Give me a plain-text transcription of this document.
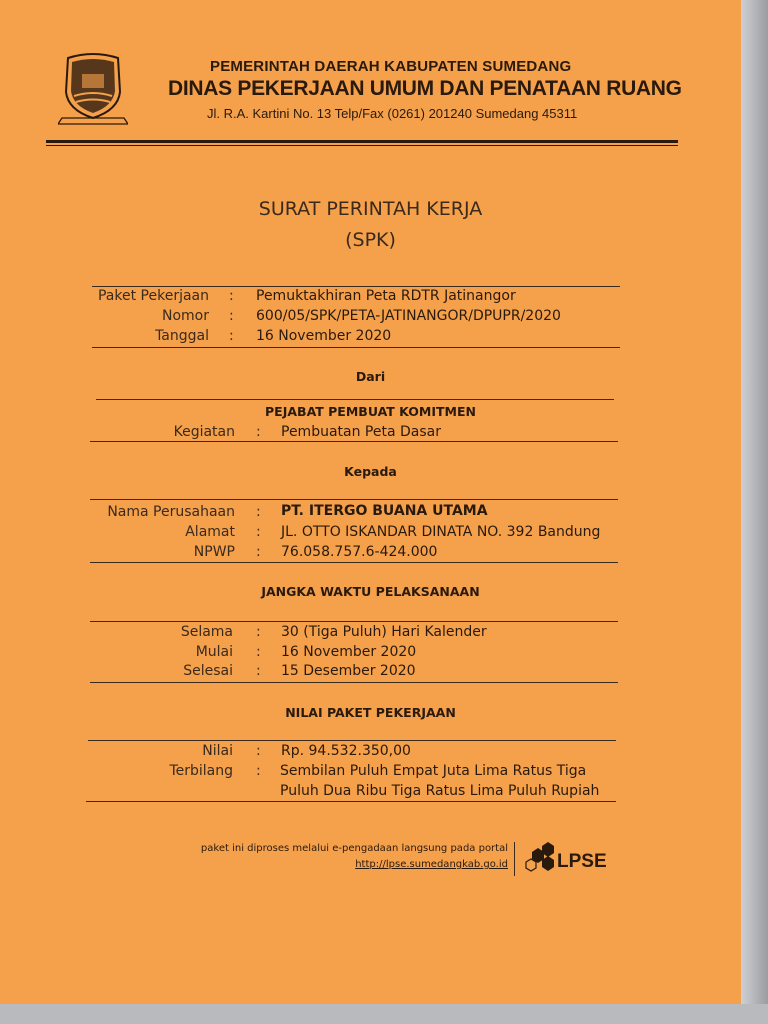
PEMERINTAH DAERAH KABUPATEN SUMEDANG
DINAS PEKERJAAN UMUM DAN PENATAAN RUANG
Jl. R.A. Kartini No. 13 Telp/Fax (0261) 201240 Sumedang 45311
SURAT PERINTAH KERJA
(SPK)
Paket Pekerjaan : Pemuktakhiran Peta RDTR Jatinangor
Nomor : 600/05/SPK/PETA-JATINANGOR/DPUPR/2020
Tanggal : 16 November 2020
Dari
PEJABAT PEMBUAT KOMITMEN
Kegiatan : Pembuatan Peta Dasar
Kepada
Nama Perusahaan : PT. ITERGO BUANA UTAMA
Alamat : JL. OTTO ISKANDAR DINATA NO. 392 Bandung
NPWP : 76.058.757.6-424.000
JANGKA WAKTU PELAKSANAAN
Selama : 30 (Tiga Puluh) Hari Kalender
Mulai : 16 November 2020
Selesai : 15 Desember 2020
NILAI PAKET PEKERJAAN
Nilai : Rp. 94.532.350,00
Terbilang : Sembilan Puluh Empat Juta Lima Ratus Tiga
Puluh Dua Ribu Tiga Ratus Lima Puluh Rupiah
paket ini diproses melalui e-pengadaan langsung pada portal
http://lpse.sumedangkab.go.id	LPSE
